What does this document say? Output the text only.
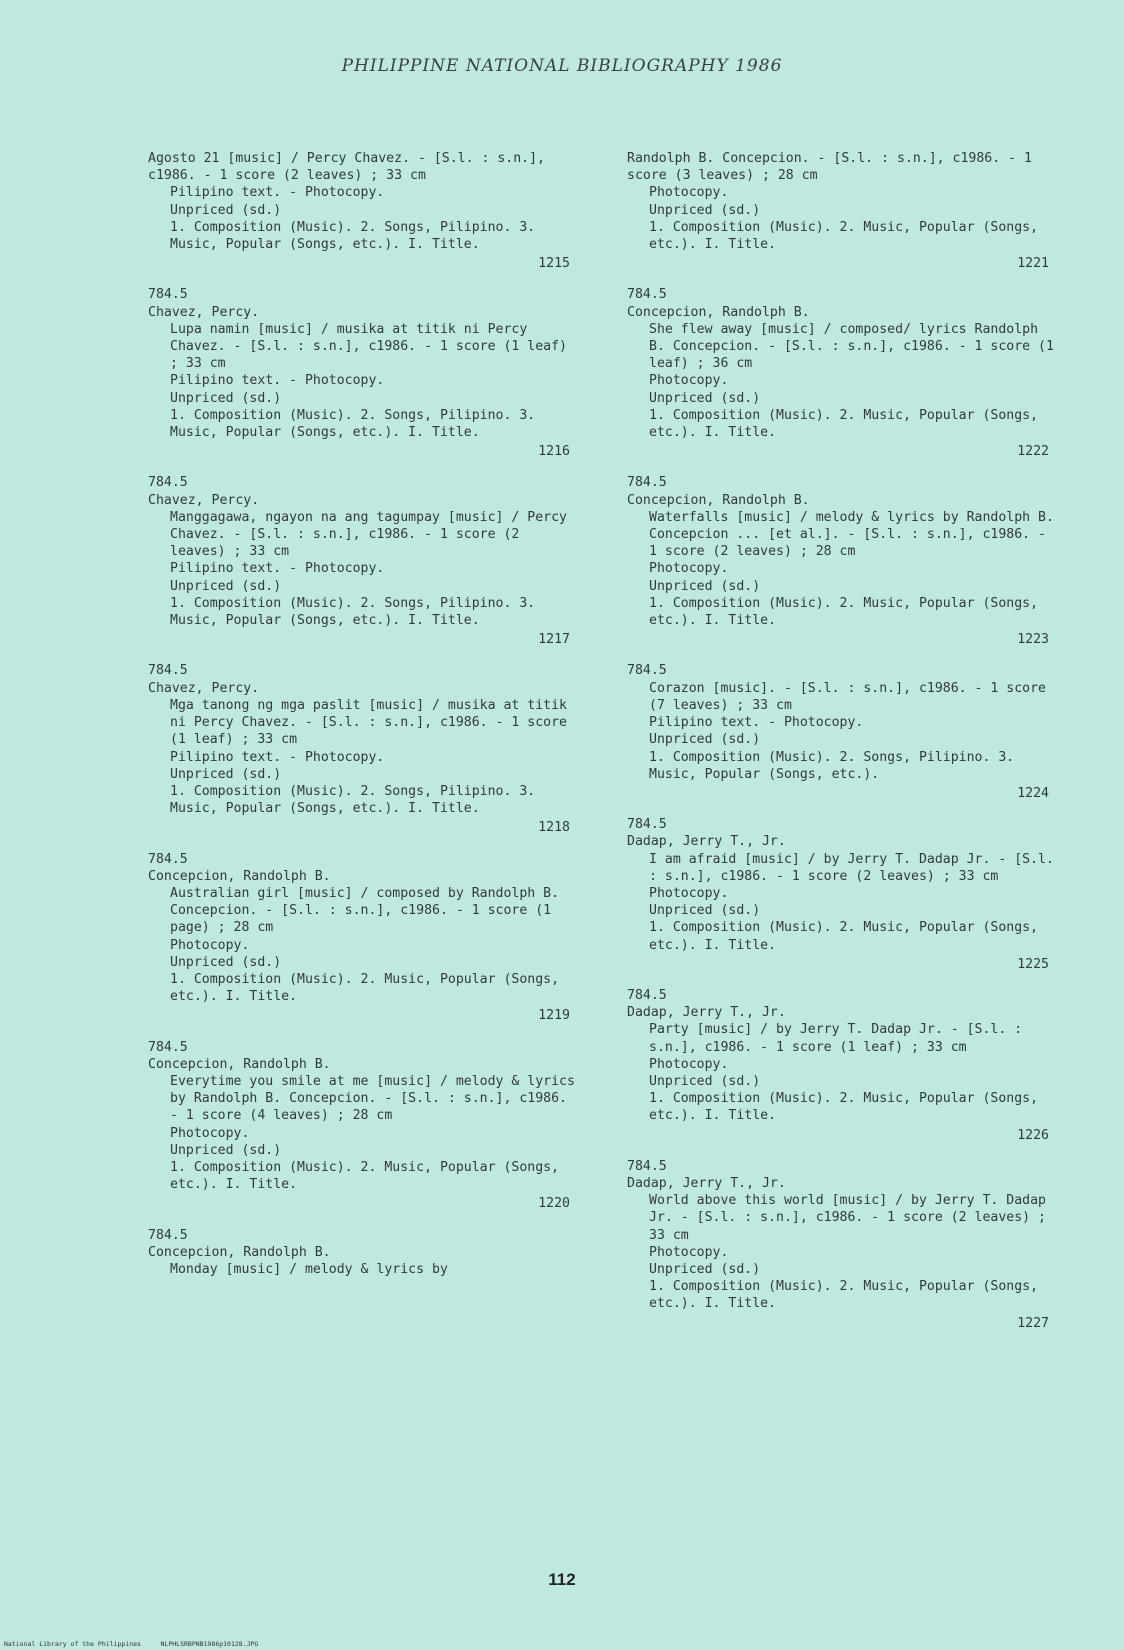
PHILIPPINE NATIONAL BIBLIOGRAPHY 1986
Agosto 21 [music] / Percy Chavez. - [S.l. : s.n.], c1986. - 1 score (2 leaves) ; 33 cm
Pilipino text. - Photocopy.
Unpriced (sd.)
1. Composition (Music). 2. Songs, Pilipino. 3. Music, Popular (Songs, etc.). I. Title.
1215
784.5
Chavez, Percy.
Lupa namin [music] / musika at titik ni Percy Chavez. - [S.l. : s.n.], c1986. - 1 score (1 leaf) ; 33 cm
Pilipino text. - Photocopy.
Unpriced (sd.)
1. Composition (Music). 2. Songs, Pilipino. 3. Music, Popular (Songs, etc.). I. Title.
1216
784.5
Chavez, Percy.
Manggagawa, ngayon na ang tagumpay [music] / Percy Chavez. - [S.l. : s.n.], c1986. - 1 score (2 leaves) ; 33 cm
Pilipino text. - Photocopy.
Unpriced (sd.)
1. Composition (Music). 2. Songs, Pilipino. 3. Music, Popular (Songs, etc.). I. Title.
1217
784.5
Chavez, Percy.
Mga tanong ng mga paslit [music] / musika at titik ni Percy Chavez. - [S.l. : s.n.], c1986. - 1 score (1 leaf) ; 33 cm
Pilipino text. - Photocopy.
Unpriced (sd.)
1. Composition (Music). 2. Songs, Pilipino. 3. Music, Popular (Songs, etc.). I. Title.
1218
784.5
Concepcion, Randolph B.
Australian girl [music] / composed by Randolph B. Concepcion. - [S.l. : s.n.], c1986. - 1 score (1 page) ; 28 cm
Photocopy.
Unpriced (sd.)
1. Composition (Music). 2. Music, Popular (Songs, etc.). I. Title.
1219
784.5
Concepcion, Randolph B.
Everytime you smile at me [music] / melody & lyrics by Randolph B. Concepcion. - [S.l. : s.n.], c1986. - 1 score (4 leaves) ; 28 cm
Photocopy.
Unpriced (sd.)
1. Composition (Music). 2. Music, Popular (Songs, etc.). I. Title.
1220
784.5
Concepcion, Randolph B.
Monday [music] / melody & lyrics by
Randolph B. Concepcion. - [S.l. : s.n.], c1986. - 1 score (3 leaves) ; 28 cm
Photocopy.
Unpriced (sd.)
1. Composition (Music). 2. Music, Popular (Songs, etc.). I. Title.
1221
784.5
Concepcion, Randolph B.
She flew away [music] / composed/ lyrics Randolph B. Concepcion. - [S.l. : s.n.], c1986. - 1 score (1 leaf) ; 36 cm
Photocopy.
Unpriced (sd.)
1. Composition (Music). 2. Music, Popular (Songs, etc.). I. Title.
1222
784.5
Concepcion, Randolph B.
Waterfalls [music] / melody & lyrics by Randolph B. Concepcion ... [et al.]. - [S.l. : s.n.], c1986. - 1 score (2 leaves) ; 28 cm
Photocopy.
Unpriced (sd.)
1. Composition (Music). 2. Music, Popular (Songs, etc.). I. Title.
1223
784.5
Corazon [music]. - [S.l. : s.n.], c1986. - 1 score (7 leaves) ; 33 cm
Pilipino text. - Photocopy.
Unpriced (sd.)
1. Composition (Music). 2. Songs, Pilipino. 3. Music, Popular (Songs, etc.).
1224
784.5
Dadap, Jerry T., Jr.
I am afraid [music] / by Jerry T. Dadap Jr. - [S.l. : s.n.], c1986. - 1 score (2 leaves) ; 33 cm
Photocopy.
Unpriced (sd.)
1. Composition (Music). 2. Music, Popular (Songs, etc.). I. Title.
1225
784.5
Dadap, Jerry T., Jr.
Party [music] / by Jerry T. Dadap Jr. - [S.l. : s.n.], c1986. - 1 score (1 leaf) ; 33 cm
Photocopy.
Unpriced (sd.)
1. Composition (Music). 2. Music, Popular (Songs, etc.). I. Title.
1226
784.5
Dadap, Jerry T., Jr.
World above this world [music] / by Jerry T. Dadap Jr. - [S.l. : s.n.], c1986. - 1 score (2 leaves) ; 33 cm
Photocopy.
Unpriced (sd.)
1. Composition (Music). 2. Music, Popular (Songs, etc.). I. Title.
1227
112
National Library of the Philippines     NLPHLSRBPNB1986p10128.JPG
